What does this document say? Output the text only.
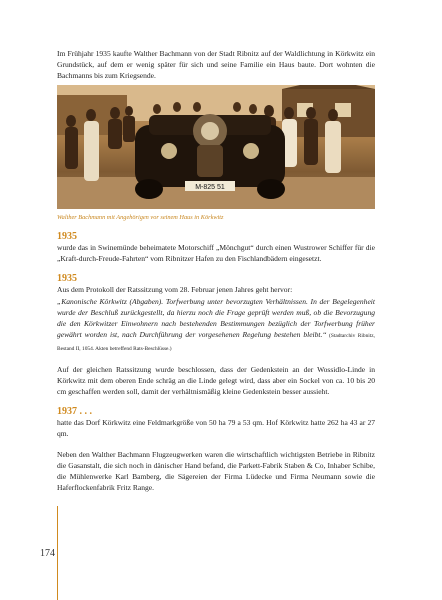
174

Im Frühjahr 1935 kaufte Walther Bachmann von der Stadt Ribnitz auf der Waldlichtung in Körkwitz ein Grundstück, auf dem er wenig später für sich und seine Familie ein Haus baute. Dort wohnten die Bachmanns bis zum Kriegsende.

M-825 51
Walther Bachmann mit Angehörigen vor seinem Haus in Körkwitz
1935

wurde das in Swinemünde beheimatete Motorschiff „Mönchgut“ durch einen Wustrower Schiffer für die „Kraft-durch-Freude-Fahrten“ vom Ribnitzer Hafen zu den Fischlandbädern eingesetzt.

1935

Aus dem Protokoll der Ratssitzung vom 28. Februar jenen Jahres geht hervor:
„Kanonische Körkwitz (Abgaben). Torfwerbung unter bevorzugten Verhältnissen. In der Begelegenheit wurde der Beschluß zurückgestellt, da hierzu noch die Frage geprüft werden muß, ob die Bevorzugung die den Körkwitzer Einwohnern nach bestehenden Bestimmungen bezüglich der Torfwerbung früher gewährt worden ist, nach Durchführung der vorgesehenen Regelung bestehen bleibt.“ (Stadtarchiv Ribnitz, Bestand II, 1054. Akten betreffend Rats-Beschlüsse.)

Auf der gleichen Ratssitzung wurde beschlossen, dass der Gedenkstein an der Wossidlo-Linde in Körkwitz mit dem oberen Ende schräg an die Linde gelegt wird, dass aber ein Sockel von ca. 10 bis 20 cm geschaffen werden soll, damit der verhältnismäßig kleine Gedenkstein besser aussieht.

1937 . . .

hatte das Dorf Körkwitz eine Feldmarkgröße von 50 ha 79 a 53 qm. Hof Körkwitz hatte 262 ha 43 ar 27 qm.

Neben den Walther Bachmann Flugzeugwerken waren die wirtschaftlich wichtigsten Betriebe in Ribnitz die Gasanstalt, die sich noch in dänischer Hand befand, die Parkett-Fabrik Staben & Co, Inhaber Schibe, die Mühlenwerke Karl Bamberg, die Sägereien der Firma Lüdecke und Firma Neumann sowie die Haferflockenfabrik Fritz Range.
